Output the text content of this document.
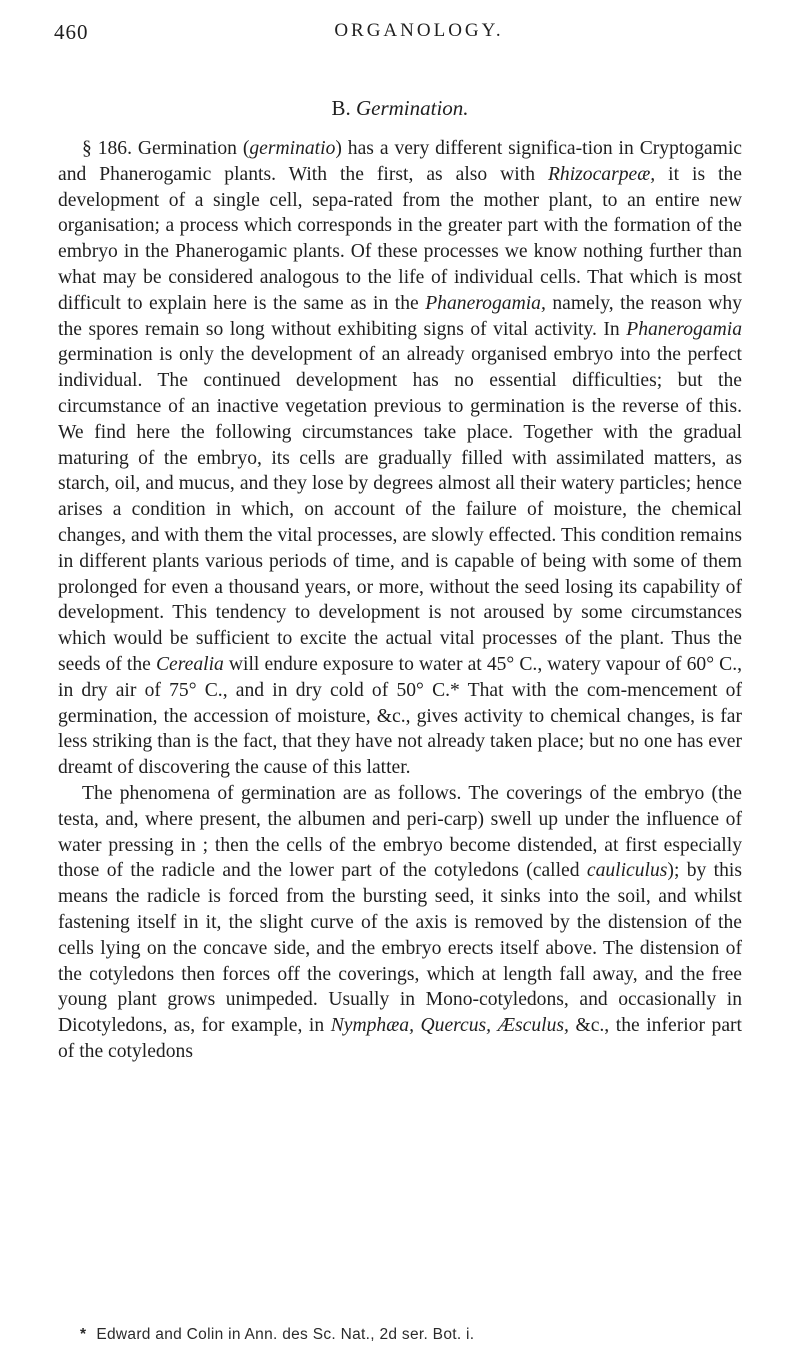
460	ORGANOLOGY.
B. Germination.

§ 186. Germination (germinatio) has a very different significa-tion in Cryptogamic and Phanerogamic plants. With the first, as also with Rhizocarpeæ, it is the development of a single cell, sepa-rated from the mother plant, to an entire new organisation; a process which corresponds in the greater part with the formation of the embryo in the Phanerogamic plants. Of these processes we know nothing further than what may be considered analogous to the life of individual cells. That which is most difficult to explain here is the same as in the Phanerogamia, namely, the reason why the spores remain so long without exhibiting signs of vital activity. In Phanerogamia germination is only the development of an already organised embryo into the perfect individual. The continued development has no essential difficulties; but the circumstance of an inactive vegetation previous to germination is the reverse of this. We find here the following circumstances take place. Together with the gradual maturing of the embryo, its cells are gradually filled with assimilated matters, as starch, oil, and mucus, and they lose by degrees almost all their watery particles; hence arises a condition in which, on account of the failure of moisture, the chemical changes, and with them the vital processes, are slowly effected. This condition remains in different plants various periods of time, and is capable of being with some of them prolonged for even a thousand years, or more, without the seed losing its capability of development. This tendency to development is not aroused by some circumstances which would be sufficient to excite the actual vital processes of the plant. Thus the seeds of the Cerealia will endure exposure to water at 45° C., watery vapour of 60° C., in dry air of 75° C., and in dry cold of 50° C.* That with the com-mencement of germination, the accession of moisture, &c., gives activity to chemical changes, is far less striking than is the fact, that they have not already taken place; but no one has ever dreamt of discovering the cause of this latter.

The phenomena of germination are as follows. The coverings of the embryo (the testa, and, where present, the albumen and peri-carp) swell up under the influence of water pressing in ; then the cells of the embryo become distended, at first especially those of the radicle and the lower part of the cotyledons (called cauliculus); by this means the radicle is forced from the bursting seed, it sinks into the soil, and whilst fastening itself in it, the slight curve of the axis is removed by the distension of the cells lying on the concave side, and the embryo erects itself above. The distension of the cotyledons then forces off the coverings, which at length fall away, and the free young plant grows unimpeded. Usually in Mono-cotyledons, and occasionally in Dicotyledons, as, for example, in Nymphæa, Quercus, Æsculus, &c., the inferior part of the cotyledons

* Edward and Colin in Ann. des Sc. Nat., 2d ser. Bot. i.
